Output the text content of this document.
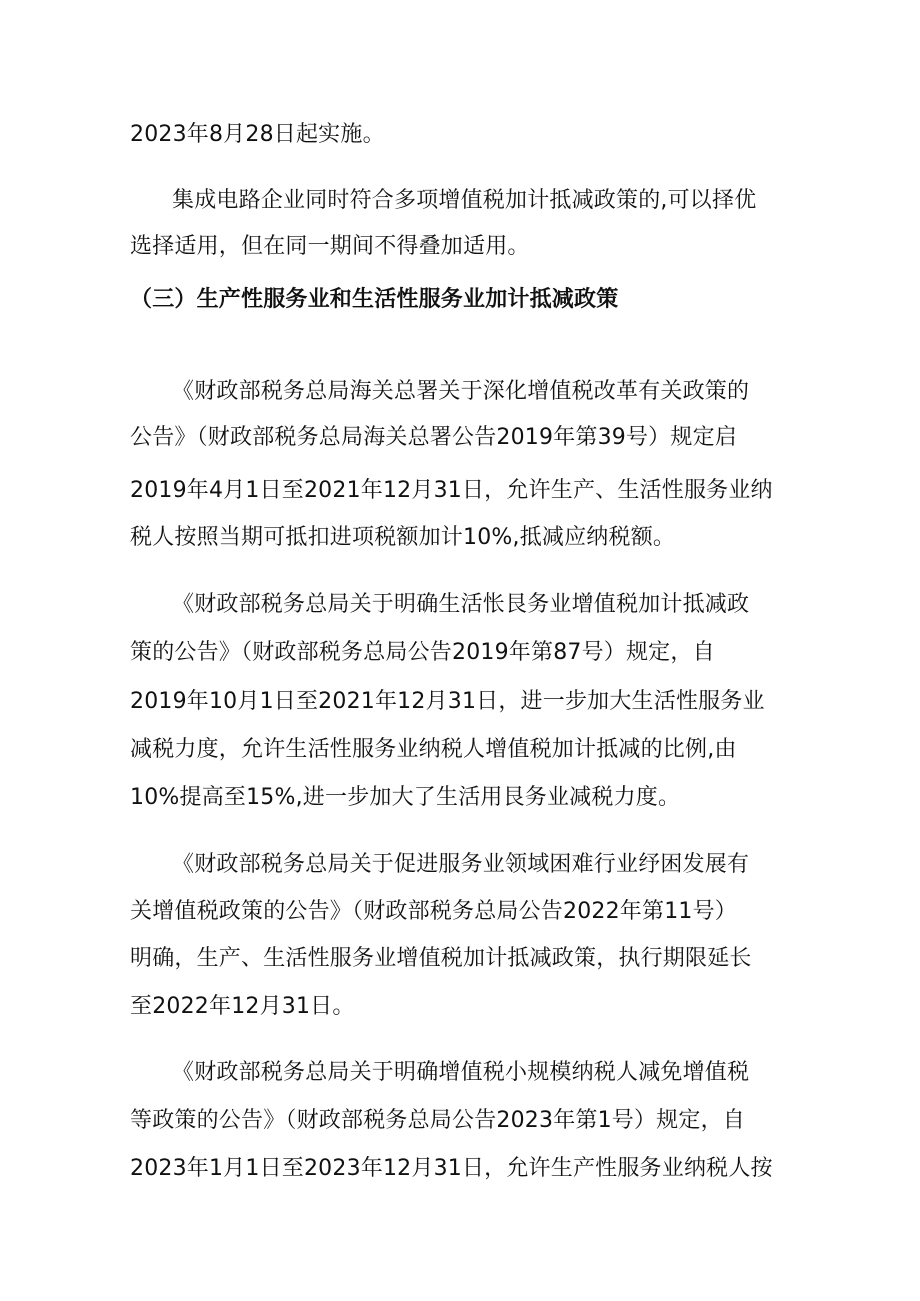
2023年8月28日起实施。
集成电路企业同时符合多项增值税加计抵减政策的,可以择优
选择适用，但在同一期间不得叠加适用。
（三）生产性服务业和生活性服务业加计抵减政策
《财政部税务总局海关总署关于深化增值税改革有关政策的
公告》（财政部税务总局海关总署公告2019年第39号）规定启
2019年4月1日至2021年12月31日，允许生产、生活性服务业纳
税人按照当期可抵扣进项税额加计10%,抵减应纳税额。
《财政部税务总局关于明确生活怅艮务业增值税加计抵减政
策的公告》（财政部税务总局公告2019年第87号）规定，自
2019年10月1日至2021年12月31日，进一步加大生活性服务业
减税力度，允许生活性服务业纳税人增值税加计抵减的比例,由
10%提高至15%,进一步加大了生活用艮务业减税力度。
《财政部税务总局关于促进服务业领域困难行业纾困发展有
关增值税政策的公告》（财政部税务总局公告2022年第11号）
明确，生产、生活性服务业增值税加计抵减政策，执行期限延长
至2022年12月31日。
《财政部税务总局关于明确增值税小规模纳税人减免增值税
等政策的公告》（财政部税务总局公告2023年第1号）规定，自
2023年1月1日至2023年12月31日，允许生产性服务业纳税人按
